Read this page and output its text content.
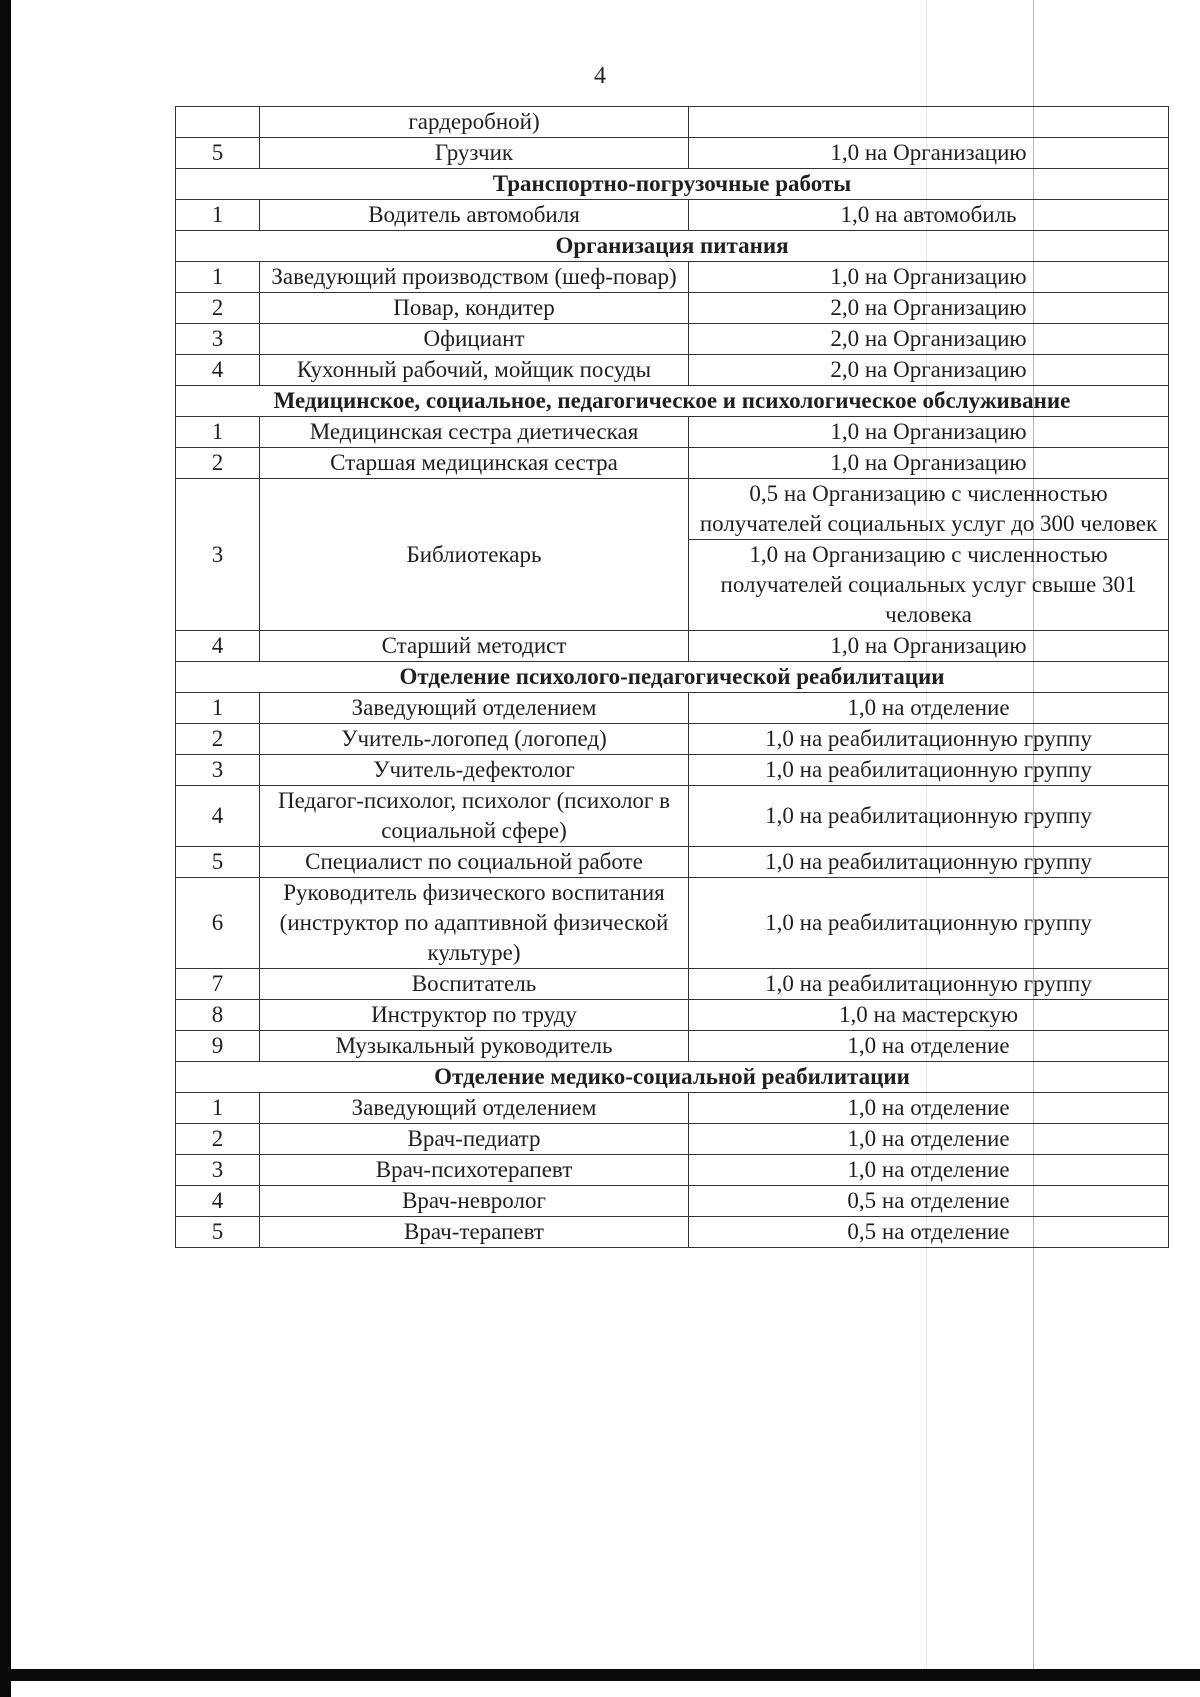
4
	гардеробной)	
5	Грузчик	1,0 на Организацию
Транспортно-погрузочные работы		
1	Водитель автомобиля	1,0 на автомобиль
Организация питания		
1	Заведующий производством (шеф-повар)	1,0 на Организацию
2	Повар, кондитер	2,0 на Организацию
3	Официант	2,0 на Организацию
4	Кухонный рабочий, мойщик посуды	2,0 на Организацию
Медицинское, социальное, педагогическое и психологическое обслуживание		
1	Медицинская сестра диетическая	1,0 на Организацию
2	Старшая медицинская сестра	1,0 на Организацию
3	Библиотекарь	0,5 на Организацию с численностью получателей социальных услуг до 300 человек
1,0 на Организацию с численностью получателей социальных услуг свыше 301 человека

4	Старший методист	1,0 на Организацию
Отделение психолого-педагогической реабилитации		
1	Заведующий отделением	1,0 на отделение
2	Учитель-логопед (логопед)	1,0 на реабилитационную группу
3	Учитель-дефектолог	1,0 на реабилитационную группу
4	Педагог-психолог, психолог (психолог в социальной сфере)	1,0 на реабилитационную группу
5	Специалист по социальной работе	1,0 на реабилитационную группу
6	Руководитель физического воспитания (инструктор по адаптивной физической культуре)	1,0 на реабилитационную группу
7	Воспитатель	1,0 на реабилитационную группу
8	Инструктор по труду	1,0 на мастерскую
9	Музыкальный руководитель	1,0 на отделение
Отделение медико-социальной реабилитации		
1	Заведующий отделением	1,0 на отделение
2	Врач-педиатр	1,0 на отделение
3	Врач-психотерапевт	1,0 на отделение
4	Врач-невролог	0,5 на отделение
5	Врач-терапевт	0,5 на отделение
